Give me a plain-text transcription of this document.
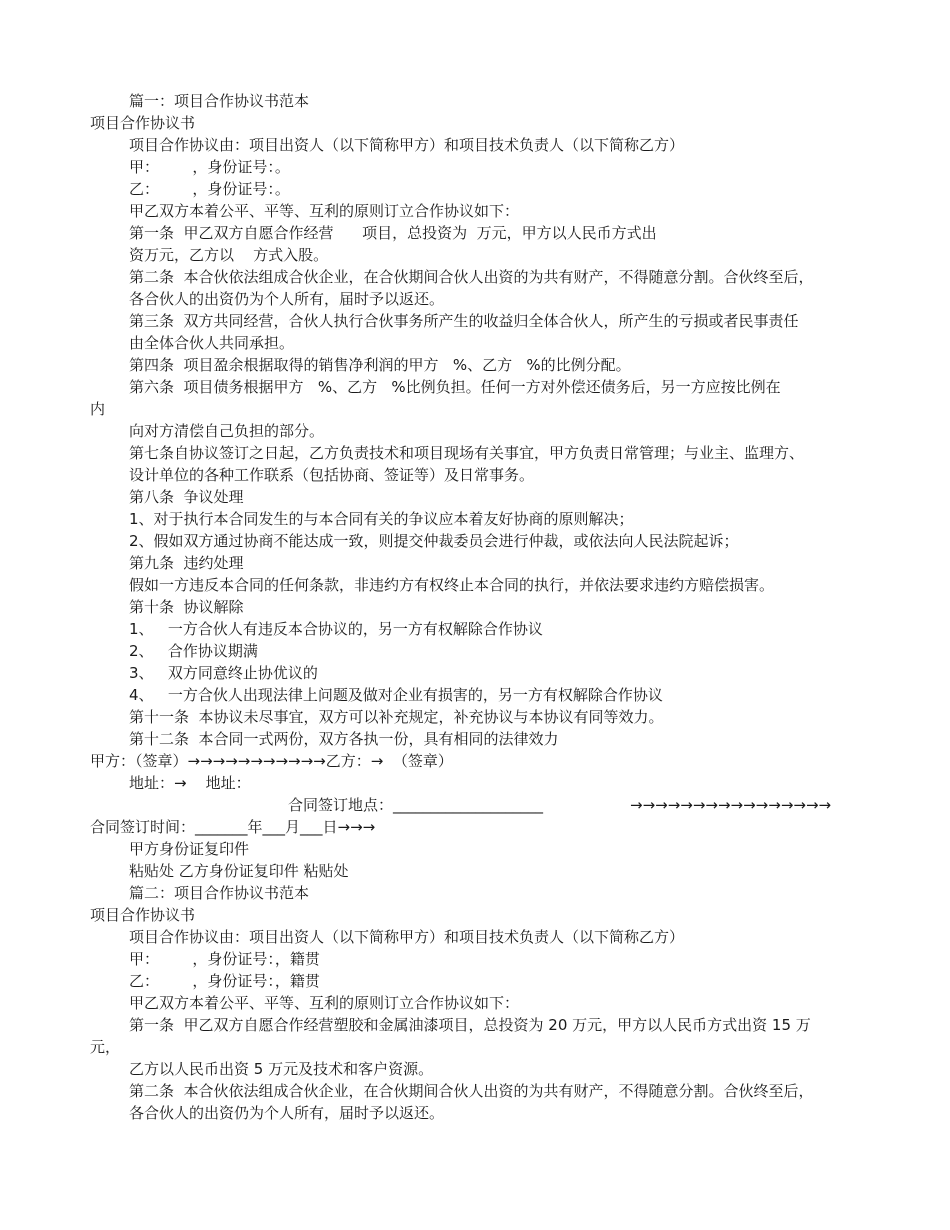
篇一：项目合作协议书范本
项目合作协议书
项目合作协议由：项目出资人（以下简称甲方）和项目技术负责人（以下简称乙方）
甲：       ，身份证号：。
乙：       ，身份证号：。
甲乙双方本着公平、平等、互利的原则订立合作协议如下：
第一条  甲乙双方自愿合作经营      项目，总投资为  万元，甲方以人民币方式出
资万元，乙方以    方式入股。
第二条  本合伙依法组成合伙企业，在合伙期间合伙人出资的为共有财产，不得随意分割。合伙终至后，
各合伙人的出资仍为个人所有，届时予以返还。
第三条  双方共同经营，合伙人执行合伙事务所产生的收益归全体合伙人，所产生的亏损或者民事责任
由全体合伙人共同承担。
第四条  项目盈余根据取得的销售净利润的甲方   %、乙方   %的比例分配。
第六条  项目债务根据甲方   %、乙方   %比例负担。任何一方对外偿还债务后，另一方应按比例在
内
向对方清偿自己负担的部分。
第七条自协议签订之日起，乙方负责技术和项目现场有关事宜，甲方负责日常管理；与业主、监理方、
设计单位的各种工作联系（包括协商、签证等）及日常事务。
第八条  争议处理
1、对于执行本合同发生的与本合同有关的争议应本着友好协商的原则解决；
2、假如双方通过协商不能达成一致，则提交仲裁委员会进行仲裁，或依法向人民法院起诉；
第九条  违约处理
假如一方违反本合同的任何条款，非违约方有权终止本合同的执行，并依法要求违约方赔偿损害。
第十条  协议解除
1、   一方合伙人有违反本合协议的，另一方有权解除合作协议
2、   合作协议期满
3、   双方同意终止协优议的
4、   一方合伙人出现法律上问题及做对企业有损害的，另一方有权解除合作协议
第十一条  本协议未尽事宜，双方可以补充规定，补充协议与本协议有同等效力。
第十二条  本合同一式两份，双方各执一份，具有相同的法律效力
甲方：（签章）→→→→→→→→→→→乙方：→  （签章）
地址：→    地址：
合同签订地点：____________________	→→→→→→→→→→→→→→→→
合同签订时间：_______年___月___日→→→
甲方身份证复印件
粘贴处 乙方身份证复印件 粘贴处
篇二：项目合作协议书范本
项目合作协议书
项目合作协议由：项目出资人（以下简称甲方）和项目技术负责人（以下简称乙方）
甲：       ，身份证号：，籍贯
乙：       ，身份证号：，籍贯
甲乙双方本着公平、平等、互利的原则订立合作协议如下：
第一条  甲乙双方自愿合作经营塑胶和金属油漆项目，总投资为 20 万元，甲方以人民币方式出资 15 万
元，
乙方以人民币出资 5 万元及技术和客户资源。
第二条  本合伙依法组成合伙企业，在合伙期间合伙人出资的为共有财产，不得随意分割。合伙终至后，
各合伙人的出资仍为个人所有，届时予以返还。
